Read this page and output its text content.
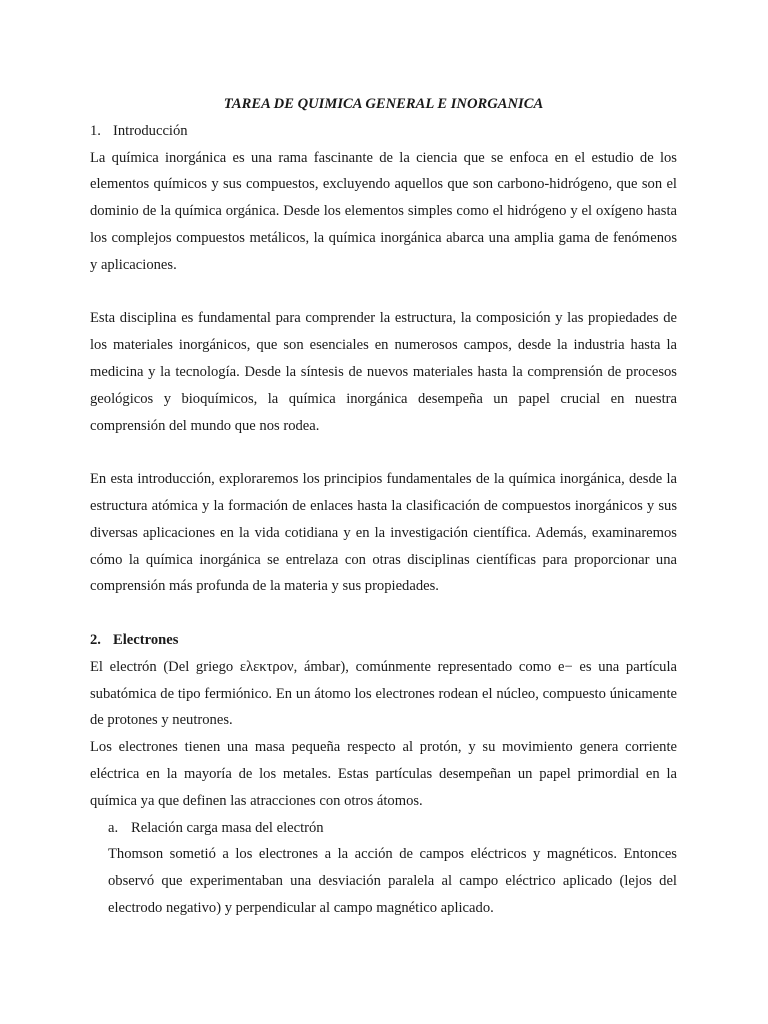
TAREA DE QUIMICA GENERAL E INORGANICA
1. Introducción

La química inorgánica es una rama fascinante de la ciencia que se enfoca en el estudio de los elementos químicos y sus compuestos, excluyendo aquellos que son carbono-hidrógeno, que son el dominio de la química orgánica. Desde los elementos simples como el hidrógeno y el oxígeno hasta los complejos compuestos metálicos, la química inorgánica abarca una amplia gama de fenómenos y aplicaciones.

Esta disciplina es fundamental para comprender la estructura, la composición y las propiedades de los materiales inorgánicos, que son esenciales en numerosos campos, desde la industria hasta la medicina y la tecnología. Desde la síntesis de nuevos materiales hasta la comprensión de procesos geológicos y bioquímicos, la química inorgánica desempeña un papel crucial en nuestra comprensión del mundo que nos rodea.

En esta introducción, exploraremos los principios fundamentales de la química inorgánica, desde la estructura atómica y la formación de enlaces hasta la clasificación de compuestos inorgánicos y sus diversas aplicaciones en la vida cotidiana y en la investigación científica. Además, examinaremos cómo la química inorgánica se entrelaza con otras disciplinas científicas para proporcionar una comprensión más profunda de la materia y sus propiedades.

2. Electrones

El electrón (Del griego ελεκτρον, ámbar), comúnmente representado como e− es una partícula subatómica de tipo fermiónico. En un átomo los electrones rodean el núcleo, compuesto únicamente de protones y neutrones.

Los electrones tienen una masa pequeña respecto al protón, y su movimiento genera corriente eléctrica en la mayoría de los metales. Estas partículas desempeñan un papel primordial en la química ya que definen las atracciones con otros átomos.

a. Relación carga masa del electrón

Thomson sometió a los electrones a la acción de campos eléctricos y magnéticos. Entonces observó que experimentaban una desviación paralela al campo eléctrico aplicado (lejos del electrodo negativo) y perpendicular al campo magnético aplicado.
